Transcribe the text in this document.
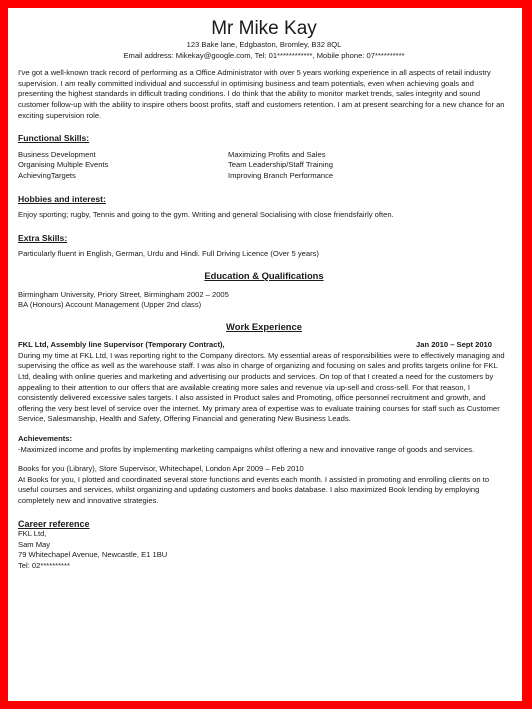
Mr Mike Kay

123 Bake lane, Edgbaston, Bromley, B32 8QL

Email address: Mikekay@google.com, Tel: 01************, Mobile phone: 07**********

I've got a well-known track record of performing as a Office Administrator with over 5 years working experience in all aspects of retail industry supervision. I am really committed individual and successful in optimising business and team potentials, even when achieving goals and presenting the highest standards in difficult trading conditions. I do think that the ability to monitor market trends, sales integrity and sound customer follow-up with the ability to inspire others boost profits, staff and customers retention. I am at present searching for a new chance for an exciting supervision role.

Functional Skills:
Business Development	Maximizing Profits and Sales
Organising Multiple Events	Team Leadership/Staff Training
AchievingTargets	Improving Branch Performance
Hobbies and interest:
Enjoy sporting; rugby, Tennis and going to the gym. Writing and general Socialising with close friendsfairly often.
Extra Skills:
Particularly fluent in English, German, Urdu and Hindi. Full Driving Licence (Over 5 years)
Education & Qualifications
Birmingham University, Priory Street, Birmingham 2002 – 2005
BA (Honours) Account Management (Upper 2nd class)
Work Experience
FKL Ltd, Assembly line Supervisor (Temporary Contract),	Jan 2010 – Sept 2010
During my time at FKL Ltd, I was reporting right to the Company directors. My essential areas of responsibilities were to effectively managing and supervising the office as well as the warehouse staff. I was also in charge of organizing and focusing on sales and profits targets online for FKL Ltd, dealing with online queries and marketing and advertising our products and services. On top of that I created a need for the customers by appealing to their attention to our offers that are available creating more sales and revenue via up-sell and cross-sell. For that reason, I consistently delivered excessive sales targets. I also assisted in Product sales and Promoting, office personnel recruitment and growth, and offering the very best level of service over the internet. My primary area of expertise was to evaluate training courses for staff such as Customer Service, Salesmanship, Health and Safety, Offering Financial and generating New Business Leads.
Achievements:
-Maximized income and profits by implementing marketing campaigns whilst offering a new and innovative range of goods and services.
Books for you (Library), Store Supervisor, Whitechapel, London Apr 2009 – Feb 2010
At Books for you, I plotted and coordinated several store functions and events each month. I assisted in promoting and enrolling clients on to useful courses and services, whilst organizing and updating customers and books database. I also maximized Book lending by employing completely new and innovative strategies.
Career reference
FKL Ltd,
Sam May
79 Whitechapel Avenue, Newcastle, E1 1BU
Tel: 02**********
